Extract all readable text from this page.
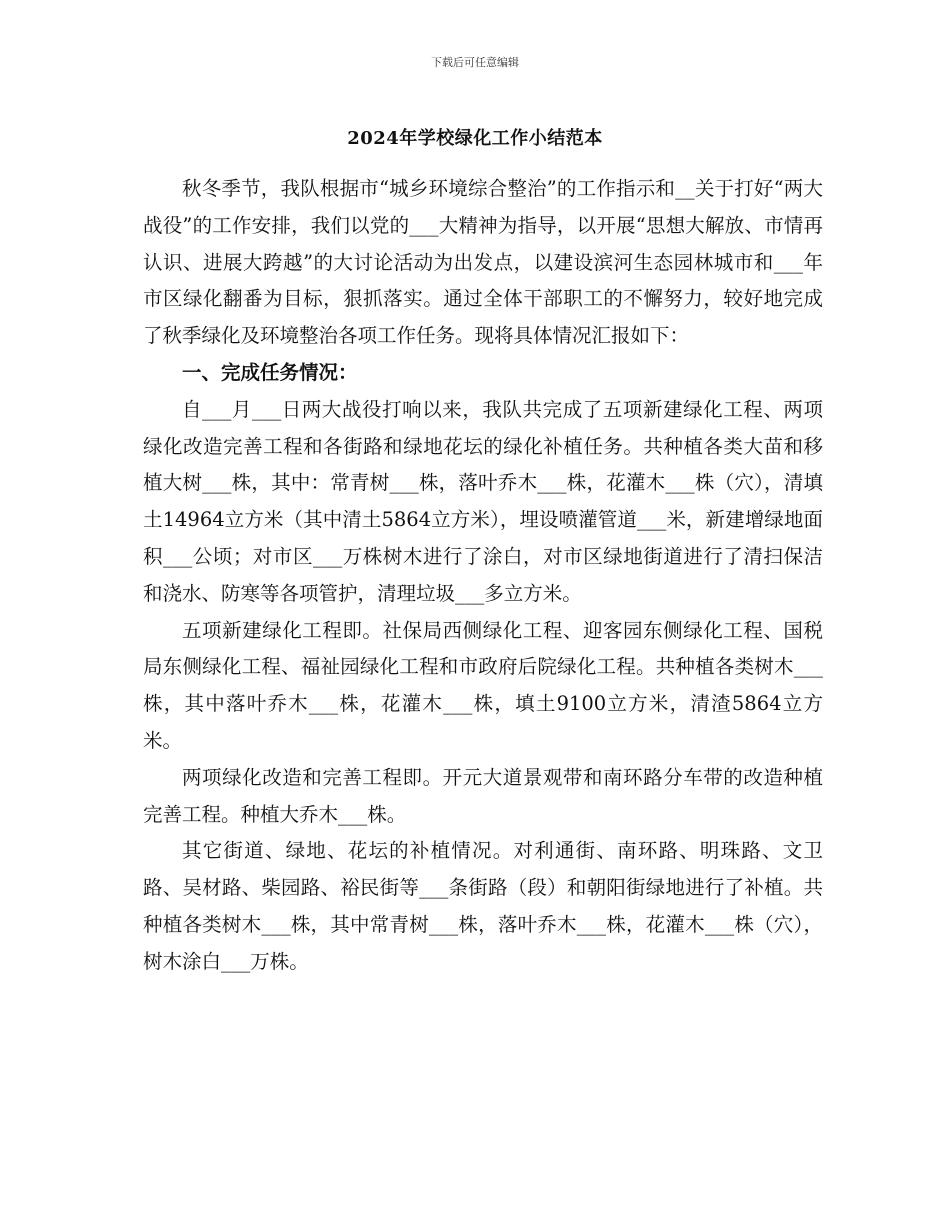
下载后可任意编辑
2024年学校绿化工作小结范本

秋冬季节，我队根据市“城乡环境综合整治”的工作指示和__关于打好“两大战役”的工作安排，我们以党的___大精神为指导，以开展“思想大解放、市情再认识、进展大跨越”的大讨论活动为出发点，以建设滨河生态园林城市和___年市区绿化翻番为目标，狠抓落实。通过全体干部职工的不懈努力，较好地完成了秋季绿化及环境整治各项工作任务。现将具体情况汇报如下：

一、完成任务情况：

自___月___日两大战役打响以来，我队共完成了五项新建绿化工程、两项绿化改造完善工程和各街路和绿地花坛的绿化补植任务。共种植各类大苗和移植大树___株，其中：常青树___株，落叶乔木___株，花灌木___株（穴），清填土14964立方米（其中清土5864立方米），埋设喷灌管道___米，新建增绿地面积___公顷；对市区___万株树木进行了涂白，对市区绿地街道进行了清扫保洁和浇水、防寒等各项管护，清理垃圾___多立方米。

五项新建绿化工程即。社保局西侧绿化工程、迎客园东侧绿化工程、国税局东侧绿化工程、福祉园绿化工程和市政府后院绿化工程。共种植各类树木___株，其中落叶乔木___株，花灌木___株，填土9100立方米，清渣5864立方米。

两项绿化改造和完善工程即。开元大道景观带和南环路分车带的改造种植完善工程。种植大乔木___株。

其它街道、绿地、花坛的补植情况。对利通街、南环路、明珠路、文卫路、吴材路、柴园路、裕民街等___条街路（段）和朝阳街绿地进行了补植。共种植各类树木___株，其中常青树___株，落叶乔木___株，花灌木___株（穴），树木涂白___万株。
